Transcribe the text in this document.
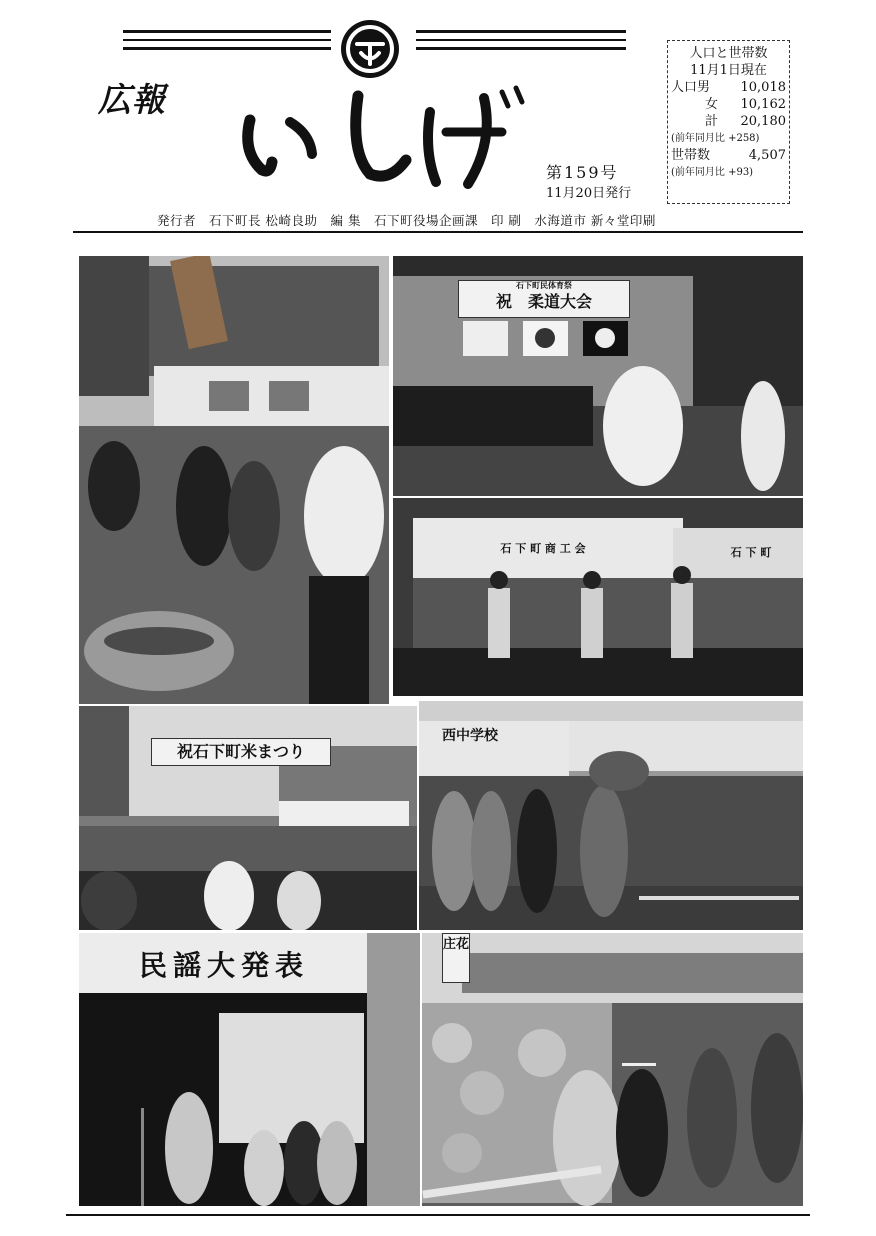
広報
第159号
11月20日発行
人口と世帯数
11月1日現在
人口男 10,018
女 10,162
計 20,180
(前年同月比 +258)
世帯数	4,507
(前年同月比 +93)
発行者　石下町長 松崎良助　編 集　石下町役場企画課　印 刷　水海道市 新々堂印刷
石下町民体育祭
祝　柔道大会
石 下 町 商 工 会	石 下 町
祝石下町米まつり
西中学校
民謡大発表
庄花
